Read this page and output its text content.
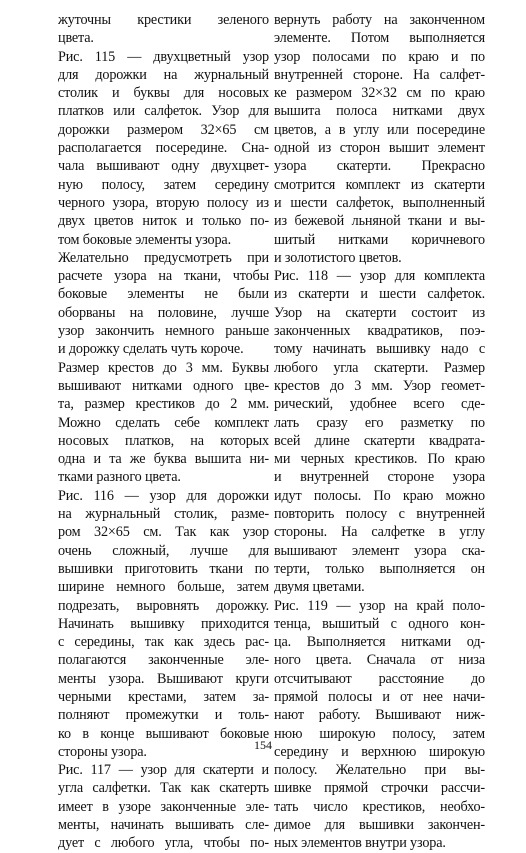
жуточны крестики зеленого
цвета.
Рис. 115 — двухцветный узор
для дорожки на журнальный
столик и буквы для носовых
платков или салфеток. Узор для
дорожки размером 32×65 см
располагается посередине. Сна-
чала вышивают одну двухцвет-
ную полосу, затем середину
черного узора, вторую полосу из
двух цветов ниток и только по-
том боковые элементы узора.
Желательно предусмотреть при
расчете узора на ткани, чтобы
боковые элементы не были
оборваны на половине, лучше
узор закончить немного раньше
и дорожку сделать чуть короче.
Размер крестов до 3 мм. Буквы
вышивают нитками одного цве-
та, размер крестиков до 2 мм.
Можно сделать себе комплект
носовых платков, на которых
одна и та же буква вышита ни-
тками разного цвета.
Рис. 116 — узор для дорожки
на журнальный столик, разме-
ром 32×65 см. Так как узор
очень сложный, лучше для
вышивки приготовить ткани по
ширине немного больше, затем
подрезать, выровнять дорожку.
Начинать вышивку приходится
с середины, так как здесь рас-
полагаются законченные эле-
менты узора. Вышивают круги
черными крестами, затем за-
полняют промежутки и толь-
ко в конце вышивают боковые
стороны узора.
Рис. 117 — узор для скатерти и
угла салфетки. Так как скатерть
имеет в узоре законченные эле-
менты, начинать вышивать сле-
дует с любого угла, чтобы по-
вернуть работу на законченном
элементе. Потом выполняется
узор полосами по краю и по
внутренней стороне. На салфет-
ке размером 32×32 см по краю
вышита полоса нитками двух
цветов, а в углу или посередине
одной из сторон вышит элемент
узора скатерти. Прекрасно
смотрится комплект из скатерти
и шести салфеток, выполненный
из бежевой льняной ткани и вы-
шитый нитками коричневого
и золотистого цветов.
Рис. 118 — узор для комплекта
из скатерти и шести салфеток.
Узор на скатерти состоит из
законченных квадратиков, поэ-
тому начинать вышивку надо с
любого угла скатерти. Размер
крестов до 3 мм. Узор геомет-
рический, удобнее всего сде-
лать сразу его разметку по
всей длине скатерти квадрата-
ми черных крестиков. По краю
и внутренней стороне узора
идут полосы. По краю можно
повторить полосу с внутренней
стороны. На салфетке в углу
вышивают элемент узора ска-
терти, только выполняется он
двумя цветами.
Рис. 119 — узор на край поло-
тенца, вышитый с одного кон-
ца. Выполняется нитками од-
ного цвета. Сначала от низа
отсчитывают расстояние до
прямой полосы и от нее начи-
нают работу. Вышивают ниж-
нюю широкую полосу, затем
середину и верхнюю широкую
полосу. Желательно при вы-
шивке прямой строчки рассчи-
тать число крестиков, необхо-
димое для вышивки закончен-
ных элементов внутри узора.
154
